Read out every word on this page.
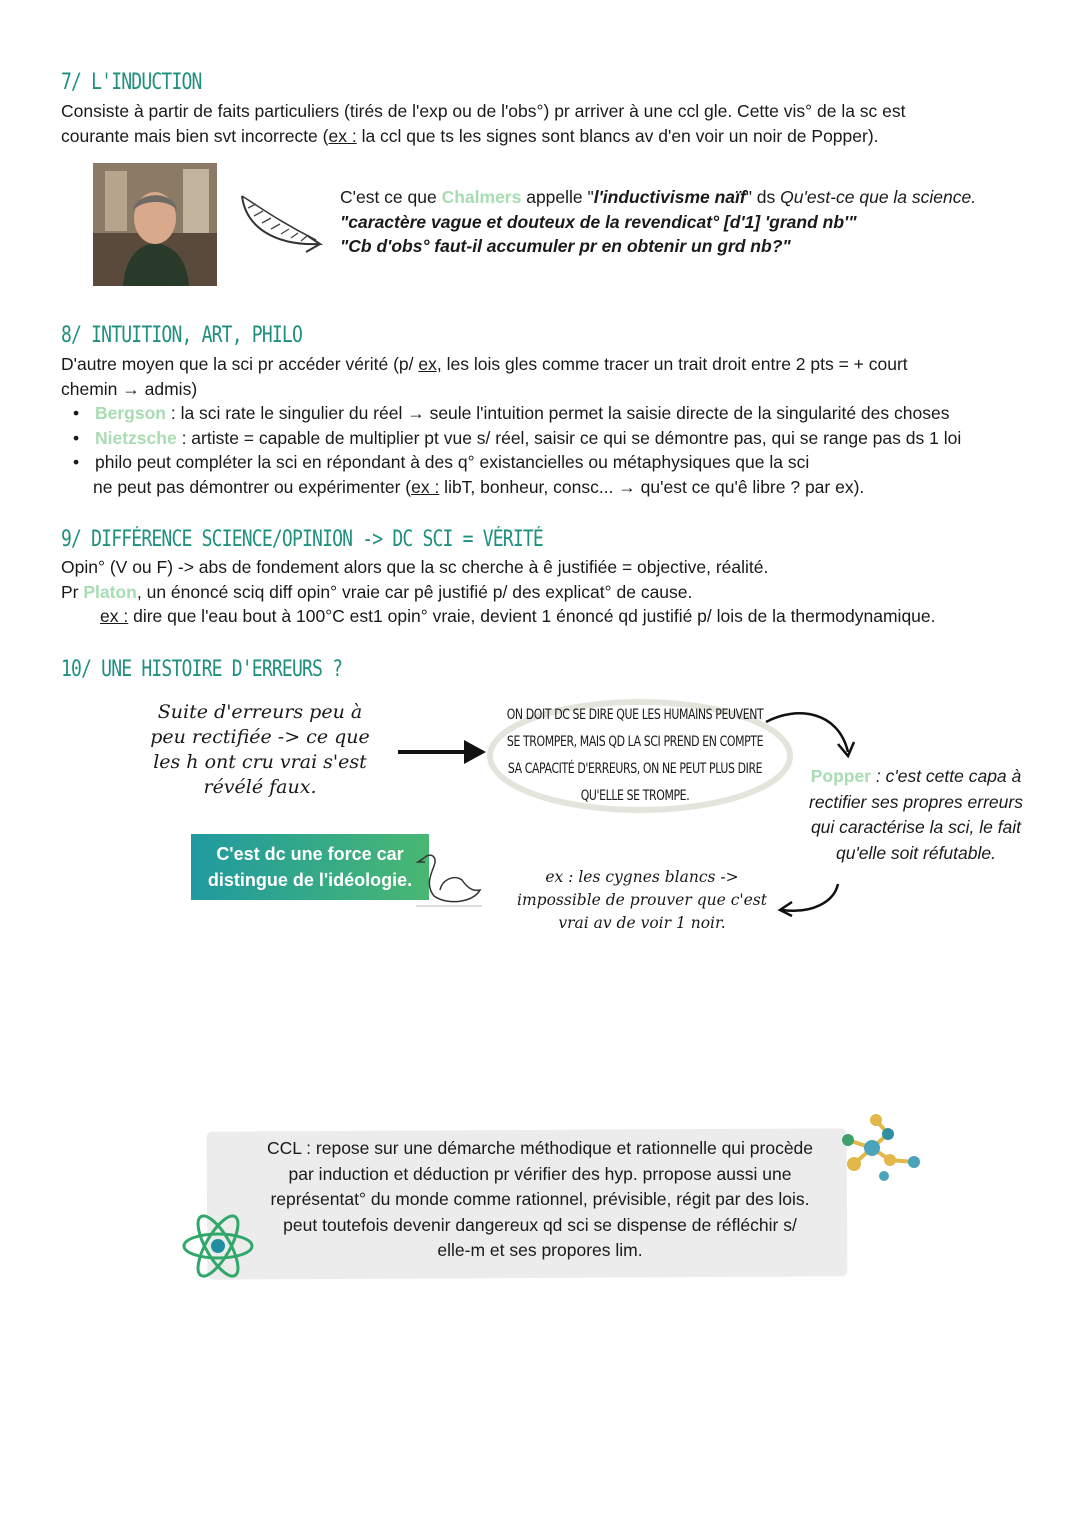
7/ L'INDUCTION
Consiste à partir de faits particuliers (tirés de l'exp ou de l'obs°) pr arriver à une ccl gle. Cette vis° de la sc est
courante mais bien svt incorrecte (ex : la ccl que ts les signes sont blancs av d'en voir un noir de Popper).
C'est ce que Chalmers appelle "l'inductivisme naïf" ds Qu'est-ce que la science.
"caractère vague et douteux de la revendicat° [d'1] 'grand nb'"
"Cb d'obs° faut-il accumuler pr en obtenir un grd nb?"
8/ INTUITION, ART, PHILO
D'autre moyen que la sci pr accéder vérité (p/ ex, les lois gles comme tracer un trait droit entre 2 pts = + court
chemin → admis)
• Bergson : la sci rate le singulier du réel → seule l'intuition permet la saisie directe de la singularité des choses
• Nietzsche : artiste = capable de multiplier pt vue s/ réel, saisir ce qui se démontre pas, qui se range pas ds 1 loi
• philo peut compléter la sci en répondant à des q° existancielles ou métaphysiques que la sci
ne peut pas démontrer ou expérimenter (ex : libT, bonheur, consc... → qu'est ce qu'ê libre ? par ex).
9/ DIFFÉRENCE SCIENCE/OPINION -> DC SCI = VÉRITÉ
Opin° (V ou F) -> abs de fondement alors que la sc cherche à ê justifiée = objective, réalité.
Pr Platon, un énoncé sciq diff opin° vraie car pê justifié p/ des explicat° de cause.
ex : dire que l'eau bout à 100°C est1 opin° vraie, devient 1 énoncé qd justifié p/ lois de la thermodynamique.
10/ UNE HISTOIRE D'ERREURS ?
Suite d'erreurs peu à peu rectifiée -> ce que les h ont cru vrai s'est révélé faux.
ON DOIT DC SE DIRE QUE LES HUMAINS PEUVENT SE TROMPER, MAIS QD LA SCI PREND EN COMPTE SA CAPACITÉ D'ERREURS, ON NE PEUT PLUS DIRE QU'ELLE SE TROMPE.
Popper : c'est cette capa à rectifier ses propres erreurs qui caractérise la sci, le fait qu'elle soit réfutable.
C'est dc une force car distingue de l'idéologie.	ex : les cygnes blancs -> impossible de prouver que c'est vrai av de voir 1 noir.
CCL : repose sur une démarche méthodique et rationnelle qui procède
par induction et déduction pr vérifier des hyp. prropose aussi une
représentat° du monde comme rationnel, prévisible, régit par des lois.
peut toutefois devenir dangereux qd sci se dispense de réfléchir s/
elle-m et ses propores lim.
